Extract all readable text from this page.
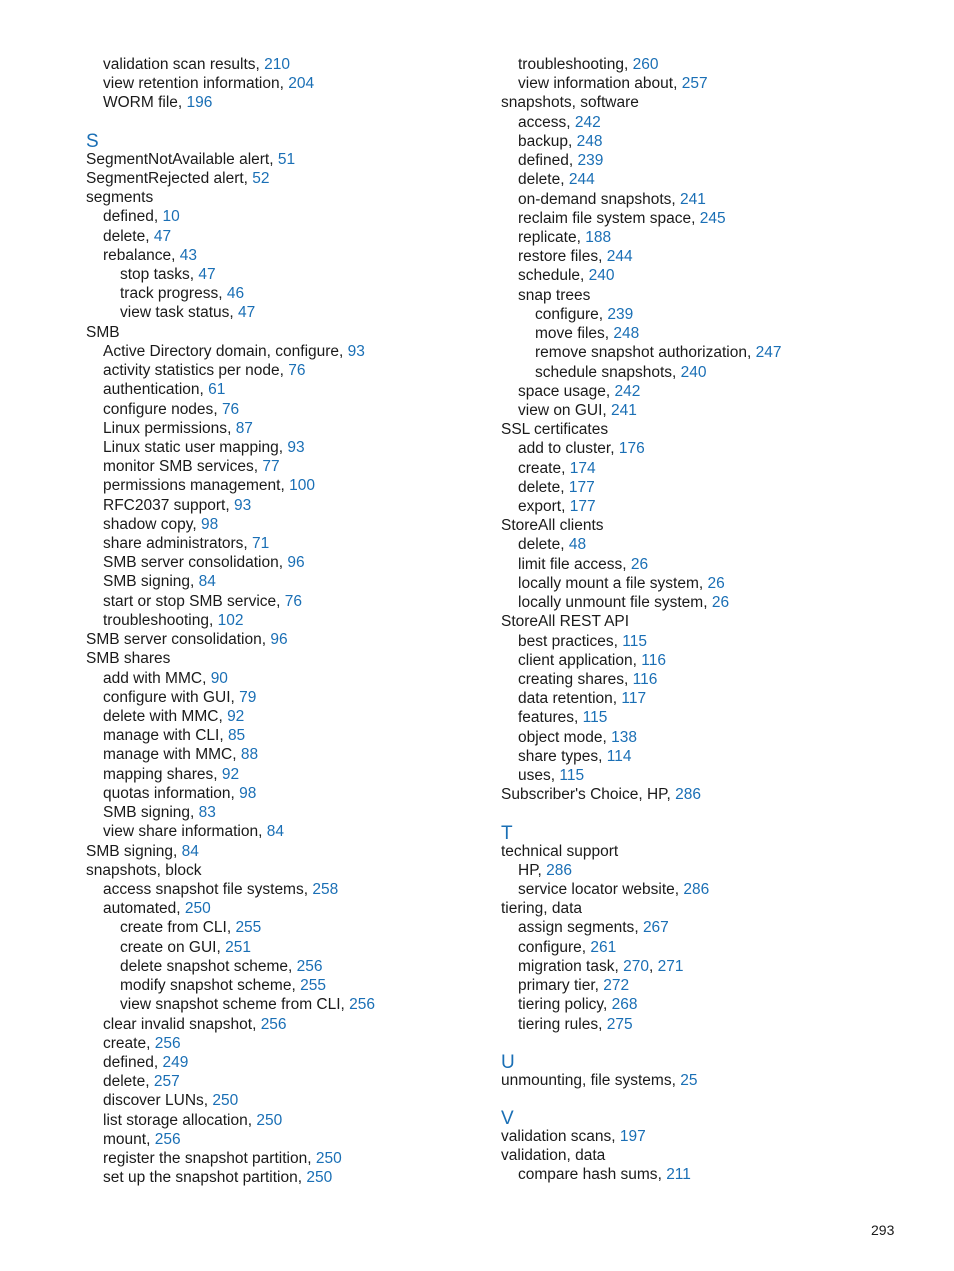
validation scan results, 210
view retention information, 204
WORM file, 196
S
SegmentNotAvailable alert, 51
SegmentRejected alert, 52
segments
defined, 10
delete, 47
rebalance, 43
stop tasks, 47
track progress, 46
view task status, 47
SMB
Active Directory domain, configure, 93
activity statistics per node, 76
authentication, 61
configure nodes, 76
Linux permissions, 87
Linux static user mapping, 93
monitor SMB services, 77
permissions management, 100
RFC2037 support, 93
shadow copy, 98
share administrators, 71
SMB server consolidation, 96
SMB signing, 84
start or stop SMB service, 76
troubleshooting, 102
SMB server consolidation, 96
SMB shares
add with MMC, 90
configure with GUI, 79
delete with MMC, 92
manage with CLI, 85
manage with MMC, 88
mapping shares, 92
quotas information, 98
SMB signing, 83
view share information, 84
SMB signing, 84
snapshots, block
access snapshot file systems, 258
automated, 250
create from CLI, 255
create on GUI, 251
delete snapshot scheme, 256
modify snapshot scheme, 255
view snapshot scheme from CLI, 256
clear invalid snapshot, 256
create, 256
defined, 249
delete, 257
discover LUNs, 250
list storage allocation, 250
mount, 256
register the snapshot partition, 250
set up the snapshot partition, 250
troubleshooting, 260
view information about, 257
snapshots, software
access, 242
backup, 248
defined, 239
delete, 244
on-demand snapshots, 241
reclaim file system space, 245
replicate, 188
restore files, 244
schedule, 240
snap trees
configure, 239
move files, 248
remove snapshot authorization, 247
schedule snapshots, 240
space usage, 242
view on GUI, 241
SSL certificates
add to cluster, 176
create, 174
delete, 177
export, 177
StoreAll clients
delete, 48
limit file access, 26
locally mount a file system, 26
locally unmount file system, 26
StoreAll REST API
best practices, 115
client application, 116
creating shares, 116
data retention, 117
features, 115
object mode, 138
share types, 114
uses, 115
Subscriber's Choice, HP, 286
T
technical support
HP, 286
service locator website, 286
tiering, data
assign segments, 267
configure, 261
migration task, 270, 271
primary tier, 272
tiering policy, 268
tiering rules, 275
U
unmounting, file systems, 25
V
validation scans, 197
validation, data
compare hash sums, 211
293
